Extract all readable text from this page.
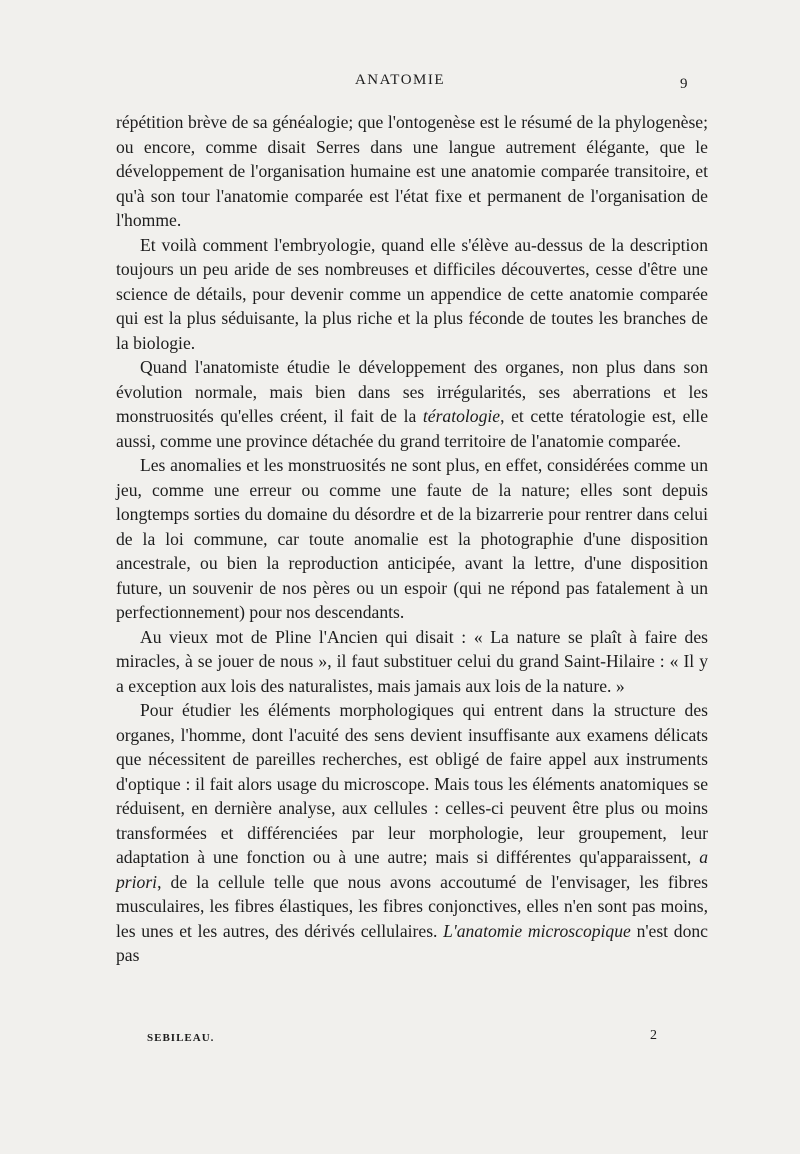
ANATOMIE	9

répétition brève de sa généalogie; que l'ontogenèse est le résumé de la phylogenèse; ou encore, comme disait Serres dans une langue autrement élégante, que le développement de l'organisation humaine est une anatomie comparée transitoire, et qu'à son tour l'anatomie comparée est l'état fixe et permanent de l'organisation de l'homme.

Et voilà comment l'embryologie, quand elle s'élève au-dessus de la description toujours un peu aride de ses nombreuses et difficiles découvertes, cesse d'être une science de détails, pour devenir comme un appendice de cette anatomie comparée qui est la plus séduisante, la plus riche et la plus féconde de toutes les branches de la biologie.

Quand l'anatomiste étudie le développement des organes, non plus dans son évolution normale, mais bien dans ses irrégularités, ses aberrations et les monstruosités qu'elles créent, il fait de la tératologie, et cette tératologie est, elle aussi, comme une province détachée du grand territoire de l'anatomie comparée.

Les anomalies et les monstruosités ne sont plus, en effet, considérées comme un jeu, comme une erreur ou comme une faute de la nature; elles sont depuis longtemps sorties du domaine du désordre et de la bizarrerie pour rentrer dans celui de la loi commune, car toute anomalie est la photographie d'une disposition ancestrale, ou bien la reproduction anticipée, avant la lettre, d'une disposition future, un souvenir de nos pères ou un espoir (qui ne répond pas fatalement à un perfectionnement) pour nos descendants.

Au vieux mot de Pline l'Ancien qui disait : « La nature se plaît à faire des miracles, à se jouer de nous », il faut substituer celui du grand Saint-Hilaire : « Il y a exception aux lois des naturalistes, mais jamais aux lois de la nature. »

Pour étudier les éléments morphologiques qui entrent dans la structure des organes, l'homme, dont l'acuité des sens devient insuffisante aux examens délicats que nécessitent de pareilles recherches, est obligé de faire appel aux instruments d'optique : il fait alors usage du microscope. Mais tous les éléments anatomiques se réduisent, en dernière analyse, aux cellules : celles-ci peuvent être plus ou moins transformées et différenciées par leur morphologie, leur groupement, leur adaptation à une fonction ou à une autre; mais si différentes qu'apparaissent, a priori, de la cellule telle que nous avons accoutumé de l'envisager, les fibres musculaires, les fibres élastiques, les fibres conjonctives, elles n'en sont pas moins, les unes et les autres, des dérivés cellulaires. L'anatomie microscopique n'est donc pas

SEBILEAU.	2
